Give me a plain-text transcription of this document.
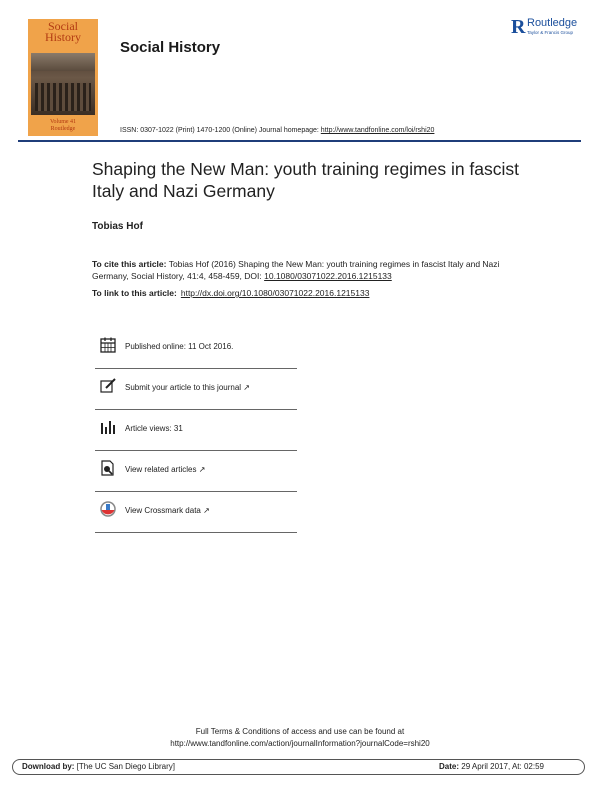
Social
History
Volume 41
Routledge
Social History
R Routledge
Taylor & Francis Group
ISSN: 0307-1022 (Print) 1470-1200 (Online) Journal homepage: http://www.tandfonline.com/loi/rshi20
Shaping the New Man: youth training regimes in fascist Italy and Nazi Germany
Tobias Hof
To cite this article: Tobias Hof (2016) Shaping the New Man: youth training regimes in fascist Italy and Nazi Germany, Social History, 41:4, 458-459, DOI: 10.1080/03071022.2016.1215133
To link to this article: http://dx.doi.org/10.1080/03071022.2016.1215133
Published online: 11 Oct 2016.
Submit your article to this journal ↗
Article views: 31
View related articles ↗
View Crossmark data ↗
Full Terms & Conditions of access and use can be found at
http://www.tandfonline.com/action/journalInformation?journalCode=rshi20
Download by: [The UC San Diego Library]	Date: 29 April 2017, At: 02:59
